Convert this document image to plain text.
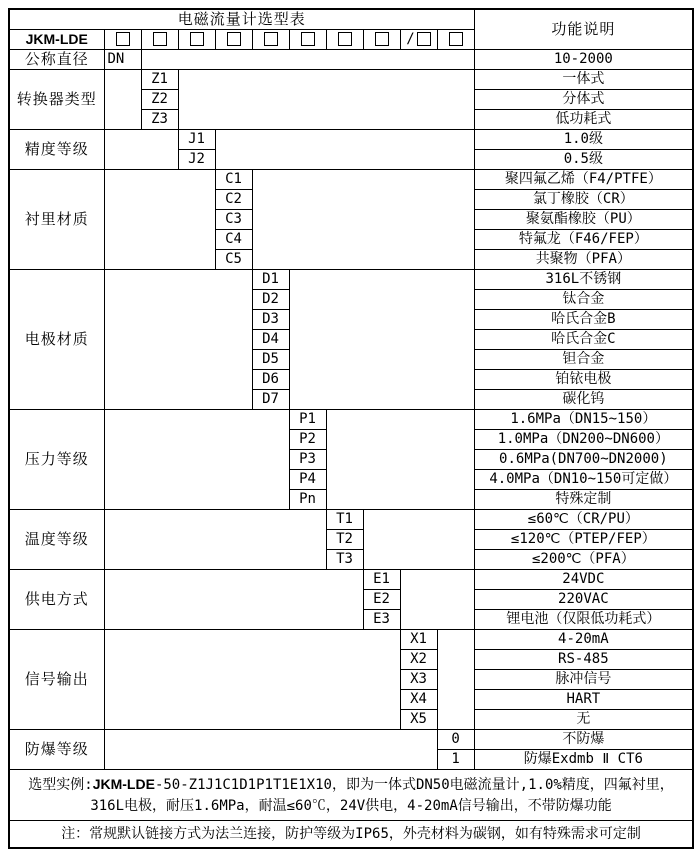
电磁流量计选型表											功能说明
JKM-LDE									/		
公称直径	DN										10-2000
转换器类型		Z1									一体式
		Z2									分体式
		Z3									低功耗式
精度等级			J1								1.0级
			J2								0.5级
衬里材质				C1							聚四氟乙烯（F4/PTFE）
				C2							氯丁橡胶（CR）
				C3							聚氨酯橡胶（PU）
				C4							特氟龙（F46/FEP）
				C5							共聚物（PFA）
电极材质					D1						316L不锈钢
					D2						钛合金
					D3						哈氏合金B
					D4						哈氏合金C
					D5						钽合金
					D6						铂铱电极
					D7						碳化钨
压力等级						P1					1.6MPa（DN15~150）
						P2					1.0MPa（DN200~DN600）
						P3					0.6MPa(DN700~DN2000)
						P4					4.0MPa（DN10~150可定做）
						Pn					特殊定制
温度等级							T1				≤60℃（CR/PU）
							T2				≤120℃（PTEP/FEP）
							T3				≤200℃（PFA）
供电方式								E1			24VDC
								E2			220VAC
								E3			锂电池（仅限低功耗式）
信号输出									X1		4-20mA
									X2		RS-485
									X3		脉冲信号
									X4		HART
									X5		无
防爆等级										0	不防爆
										1	防爆Exdmb Ⅱ CT6
选型实例:JKM-LDE-50-Z1J1C1D1P1T1E1X10，即为一体式DN50电磁流量计,1.0%精度，四氟衬里，316L电极，耐压1.6MPa，耐温≤60℃，24V供电，4-20mA信号输出，不带防爆功能											
注：常规默认链接方式为法兰连接，防护等级为IP65，外壳材料为碳钢，如有特殊需求可定制											
